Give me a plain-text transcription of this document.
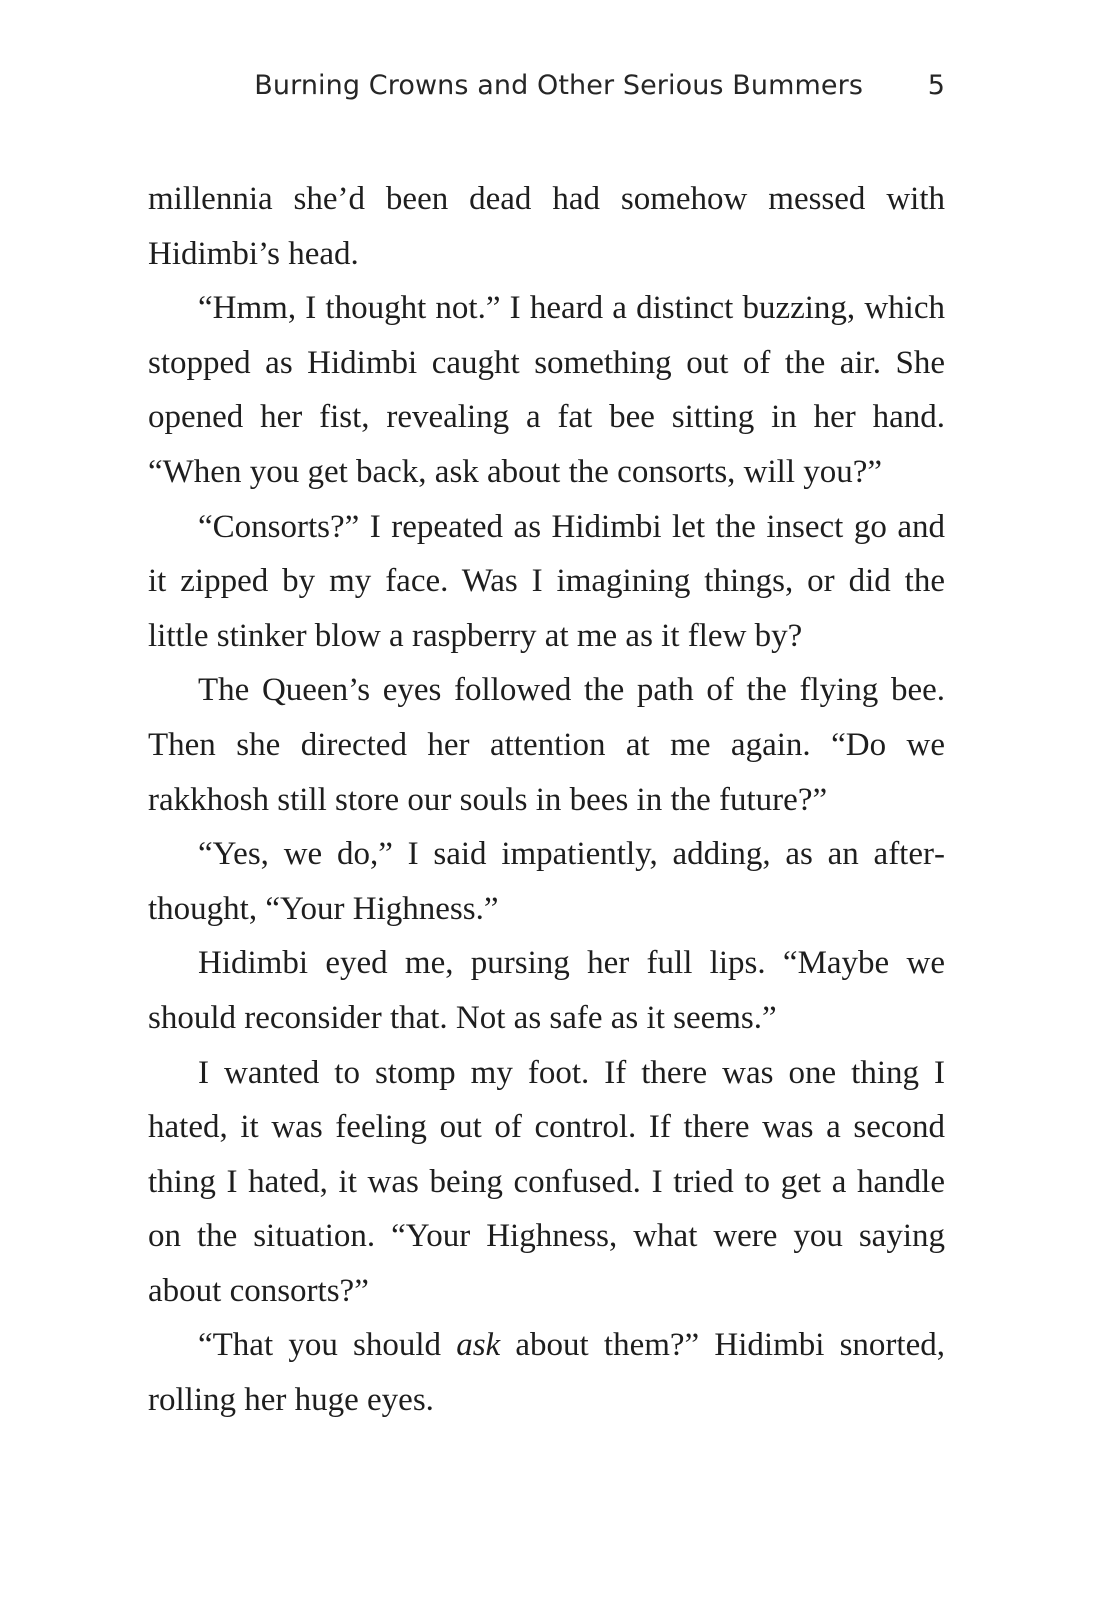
Burning Crowns and Other Serious Bummers 5

millennia she’d been dead had somehow messed with Hidimbi’s head.

“Hmm, I thought not.” I heard a distinct buzzing, which stopped as Hidimbi caught something out of the air. She opened her fist, revealing a fat bee sitting in her hand. “When you get back, ask about the consorts, will you?”

“Consorts?” I repeated as Hidimbi let the insect go and it zipped by my face. Was I imagining things, or did the little stinker blow a raspberry at me as it flew by?

The Queen’s eyes followed the path of the flying bee. Then she directed her attention at me again. “Do we rakkhosh still store our souls in bees in the future?”

“Yes, we do,” I said impatiently, adding, as an afterthought, “Your Highness.”

Hidimbi eyed me, pursing her full lips. “Maybe we should reconsider that. Not as safe as it seems.”

I wanted to stomp my foot. If there was one thing I hated, it was feeling out of control. If there was a second thing I hated, it was being confused. I tried to get a handle on the situation. “Your Highness, what were you saying about consorts?”

“That you should ask about them?” Hidimbi snorted, rolling her huge eyes.
